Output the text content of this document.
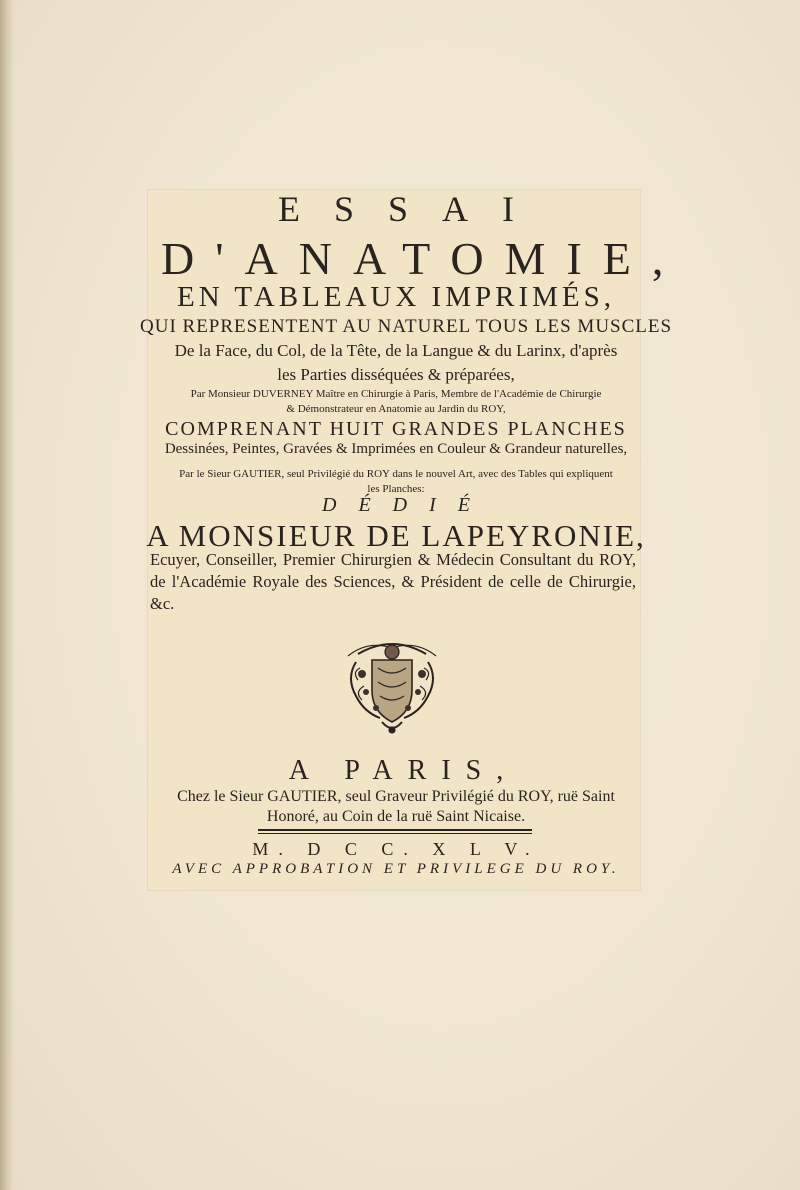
ESSAI
D'ANATOMIE,
EN TABLEAUX IMPRIMÉS,
QUI REPRESENTENT AU NATUREL TOUS LES MUSCLES
De la Face, du Col, de la Tête, de la Langue & du Larinx, d'après
les Parties disséquées & préparées,
Par Monsieur DUVERNEY Maître en Chirurgie à Paris, Membre de l'Académie de Chirurgie
& Démonstrateur en Anatomie au Jardin du ROY,
COMPRENANT HUIT GRANDES PLANCHES
Dessinées, Peintes, Gravées & Imprimées en Couleur & Grandeur naturelles,
Par le Sieur GAUTIER, seul Privilégié du ROY dans le nouvel Art, avec des Tables qui expliquent
les Planches:
DÉDIÉ
A MONSIEUR DE LAPEYRONIE,
Ecuyer, Conseiller, Premier Chirurgien & Médecin Consultant du ROY, de l'Académie Royale des Sciences, & Président de celle de Chirurgie, &c.
A PARIS,
Chez le Sieur GAUTIER, seul Graveur Privilégié du ROY, ruë Saint
Honoré, au Coin de la ruë Saint Nicaise.
M. D C C. X L V.
AVEC APPROBATION ET PRIVILEGE DU ROY.
